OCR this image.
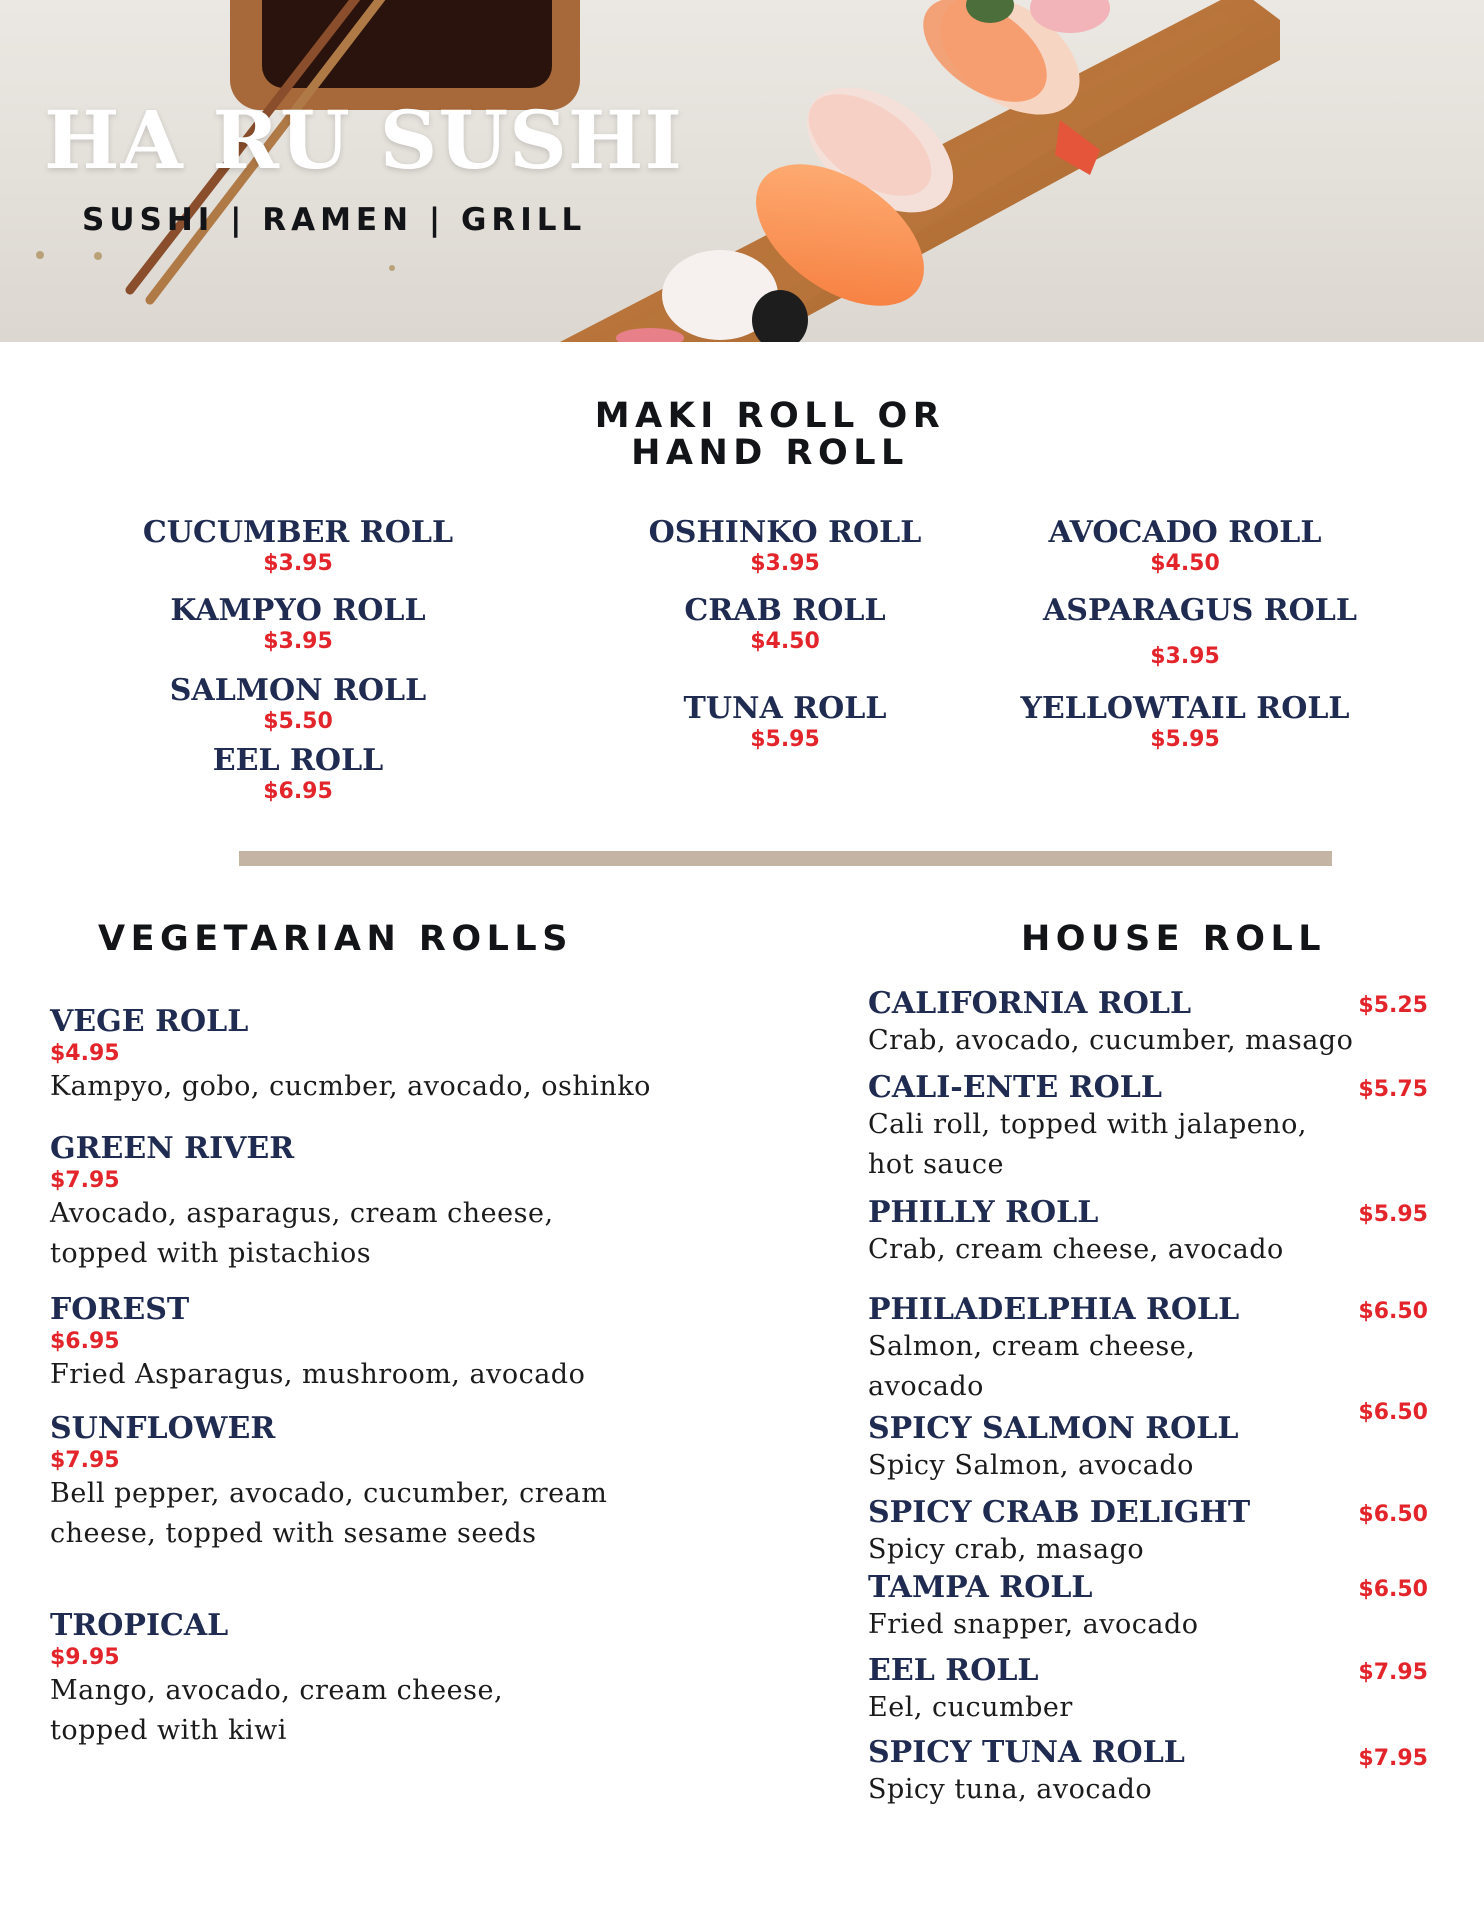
HA RU SUSHI
SUSHI | RAMEN | GRILL
MAKI ROLL OR
HAND ROLL
CUCUMBER ROLL
$3.95
KAMPYO ROLL
$3.95
SALMON ROLL
$5.50
EEL ROLL
$6.95
OSHINKO ROLL
$3.95
CRAB ROLL
$4.50
TUNA ROLL
$5.95
AVOCADO ROLL
$4.50
ASPARAGUS ROLL
$3.95
YELLOWTAIL ROLL
$5.95
VEGETARIAN ROLLS
VEGE ROLL
$4.95
Kampyo, gobo, cucmber, avocado, oshinko
GREEN RIVER
$7.95
Avocado, asparagus, cream cheese, topped with pistachios
FOREST
$6.95
Fried Asparagus, mushroom, avocado
SUNFLOWER
$7.95
Bell pepper, avocado, cucumber, cream cheese, topped with sesame seeds
TROPICAL
$9.95
Mango, avocado, cream cheese, topped with kiwi
HOUSE ROLL
CALIFORNIA ROLL	$5.25
Crab, avocado, cucumber, masago
CALI-ENTE ROLL	$5.75
Cali roll, topped with jalapeno, hot sauce
PHILLY ROLL	$5.95
Crab, cream cheese, avocado
PHILADELPHIA ROLL	$6.50
Salmon, cream cheese, avocado
SPICY SALMON ROLL	$6.50
Spicy Salmon, avocado
SPICY CRAB DELIGHT	$6.50
Spicy crab, masago
TAMPA ROLL	$6.50
Fried snapper, avocado
EEL ROLL	$7.95
Eel, cucumber
SPICY TUNA ROLL	$7.95
Spicy tuna, avocado
